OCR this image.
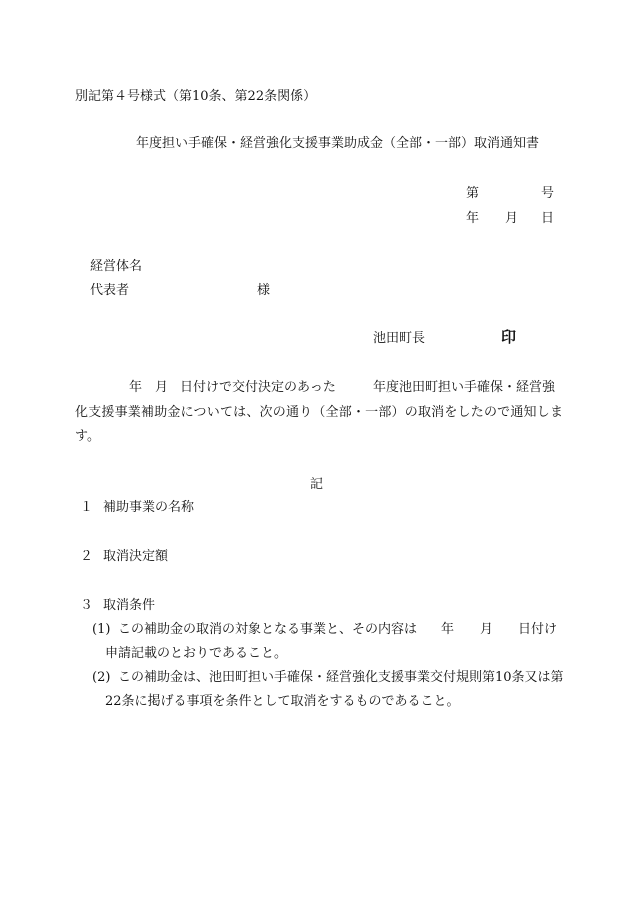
別記第４号様式（第10条、第22条関係）
年度担い手確保・経営強化支援事業助成金（全部・一部）取消通知書
第	号
年 月 日
経営体名
代表者	様
池田町長	印
年 月 日付けで交付決定のあった	年度池田町担い手確保・経営強
化支援事業補助金については、次の通り（全部・一部）の取消をしたので通知しま
す。
記
１ 補助事業の名称
２ 取消決定額
３ 取消条件
(1) この補助金の取消の対象となる事業と、その内容は 年 月 日付け
申請記載のとおりであること。
(2) この補助金は、池田町担い手確保・経営強化支援事業交付規則第10条又は第
22条に掲げる事項を条件として取消をするものであること。
